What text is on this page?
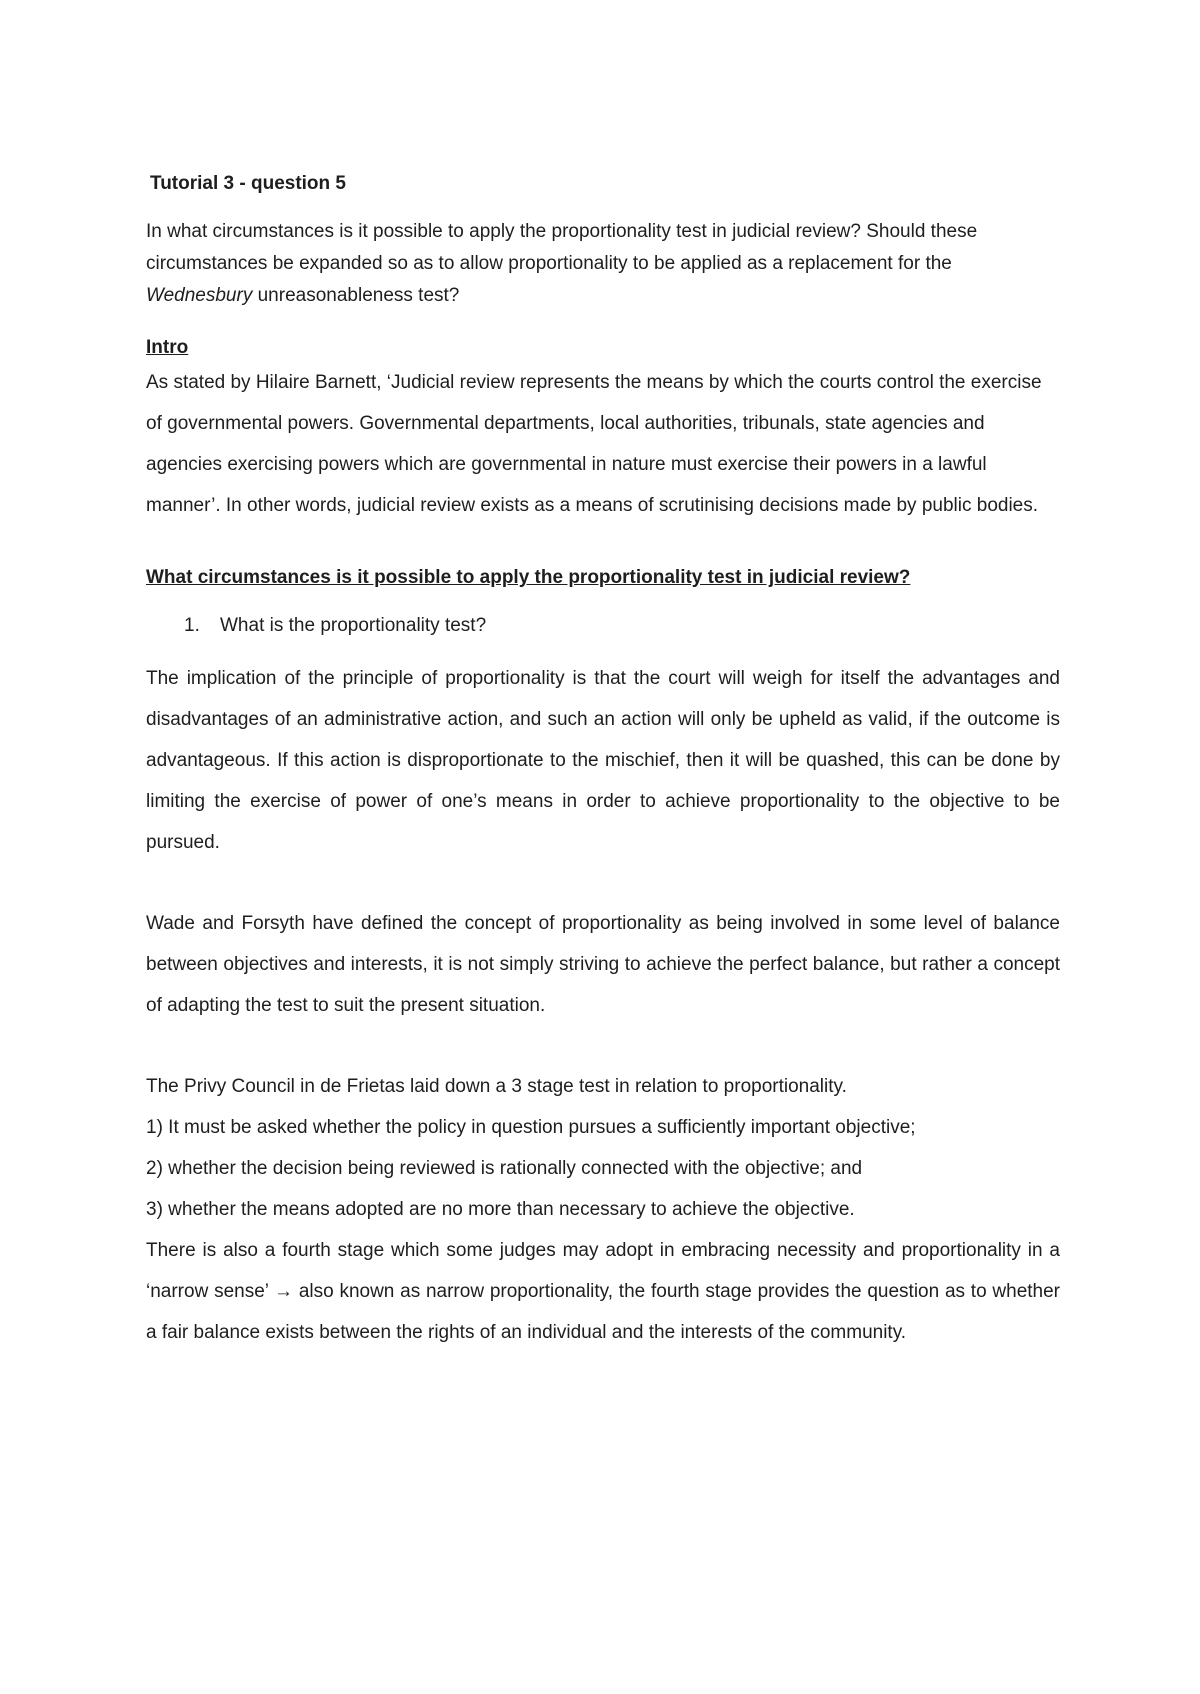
Tutorial 3 - question 5

In what circumstances is it possible to apply the proportionality test in judicial review? Should these circumstances be expanded so as to allow proportionality to be applied as a replacement for the Wednesbury unreasonableness test?

Intro

As stated by Hilaire Barnett, ‘Judicial review represents the means by which the courts control the exercise of governmental powers. Governmental departments, local authorities, tribunals, state agencies and agencies exercising powers which are governmental in nature must exercise their powers in a lawful manner’. In other words, judicial review exists as a means of scrutinising decisions made by public bodies.

What circumstances is it possible to apply the proportionality test in judicial review?

1. What is the proportionality test?

The implication of the principle of proportionality is that the court will weigh for itself the advantages and disadvantages of an administrative action, and such an action will only be upheld as valid, if the outcome is advantageous. If this action is disproportionate to the mischief, then it will be quashed, this can be done by limiting the exercise of power of one’s means in order to achieve proportionality to the objective to be pursued.

Wade and Forsyth have defined the concept of proportionality as being involved in some level of balance between objectives and interests, it is not simply striving to achieve the perfect balance, but rather a concept of adapting the test to suit the present situation.

The Privy Council in de Frietas laid down a 3 stage test in relation to proportionality.

1) It must be asked whether the policy in question pursues a sufficiently important objective;

2) whether the decision being reviewed is rationally connected with the objective; and

3) whether the means adopted are no more than necessary to achieve the objective.

There is also a fourth stage which some judges may adopt in embracing necessity and proportionality in a ‘narrow sense’ → also known as narrow proportionality, the fourth stage provides the question as to whether a fair balance exists between the rights of an individual and the interests of the community.
